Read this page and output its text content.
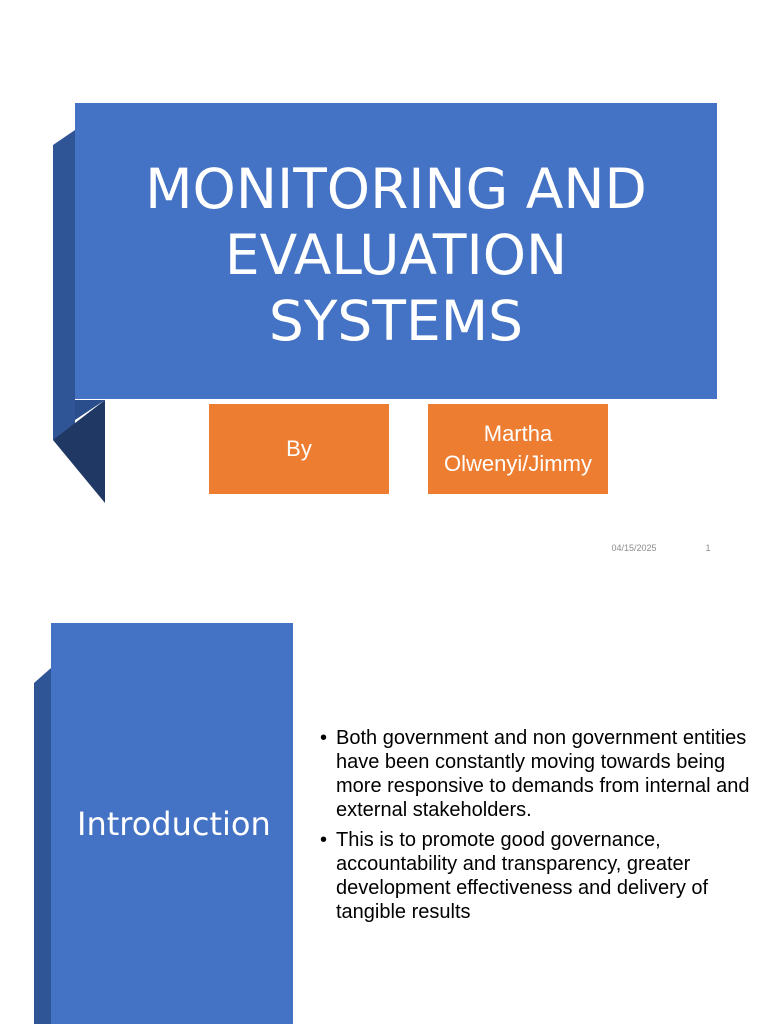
MONITORING AND EVALUATION SYSTEMS
By
Martha Olwenyi/Jimmy
04/15/2025	1
Introduction
• Both government and non government entities have been constantly moving towards being more responsive to demands from internal and external stakeholders.
• This is to promote good governance, accountability and transparency, greater development effectiveness and delivery of tangible results
